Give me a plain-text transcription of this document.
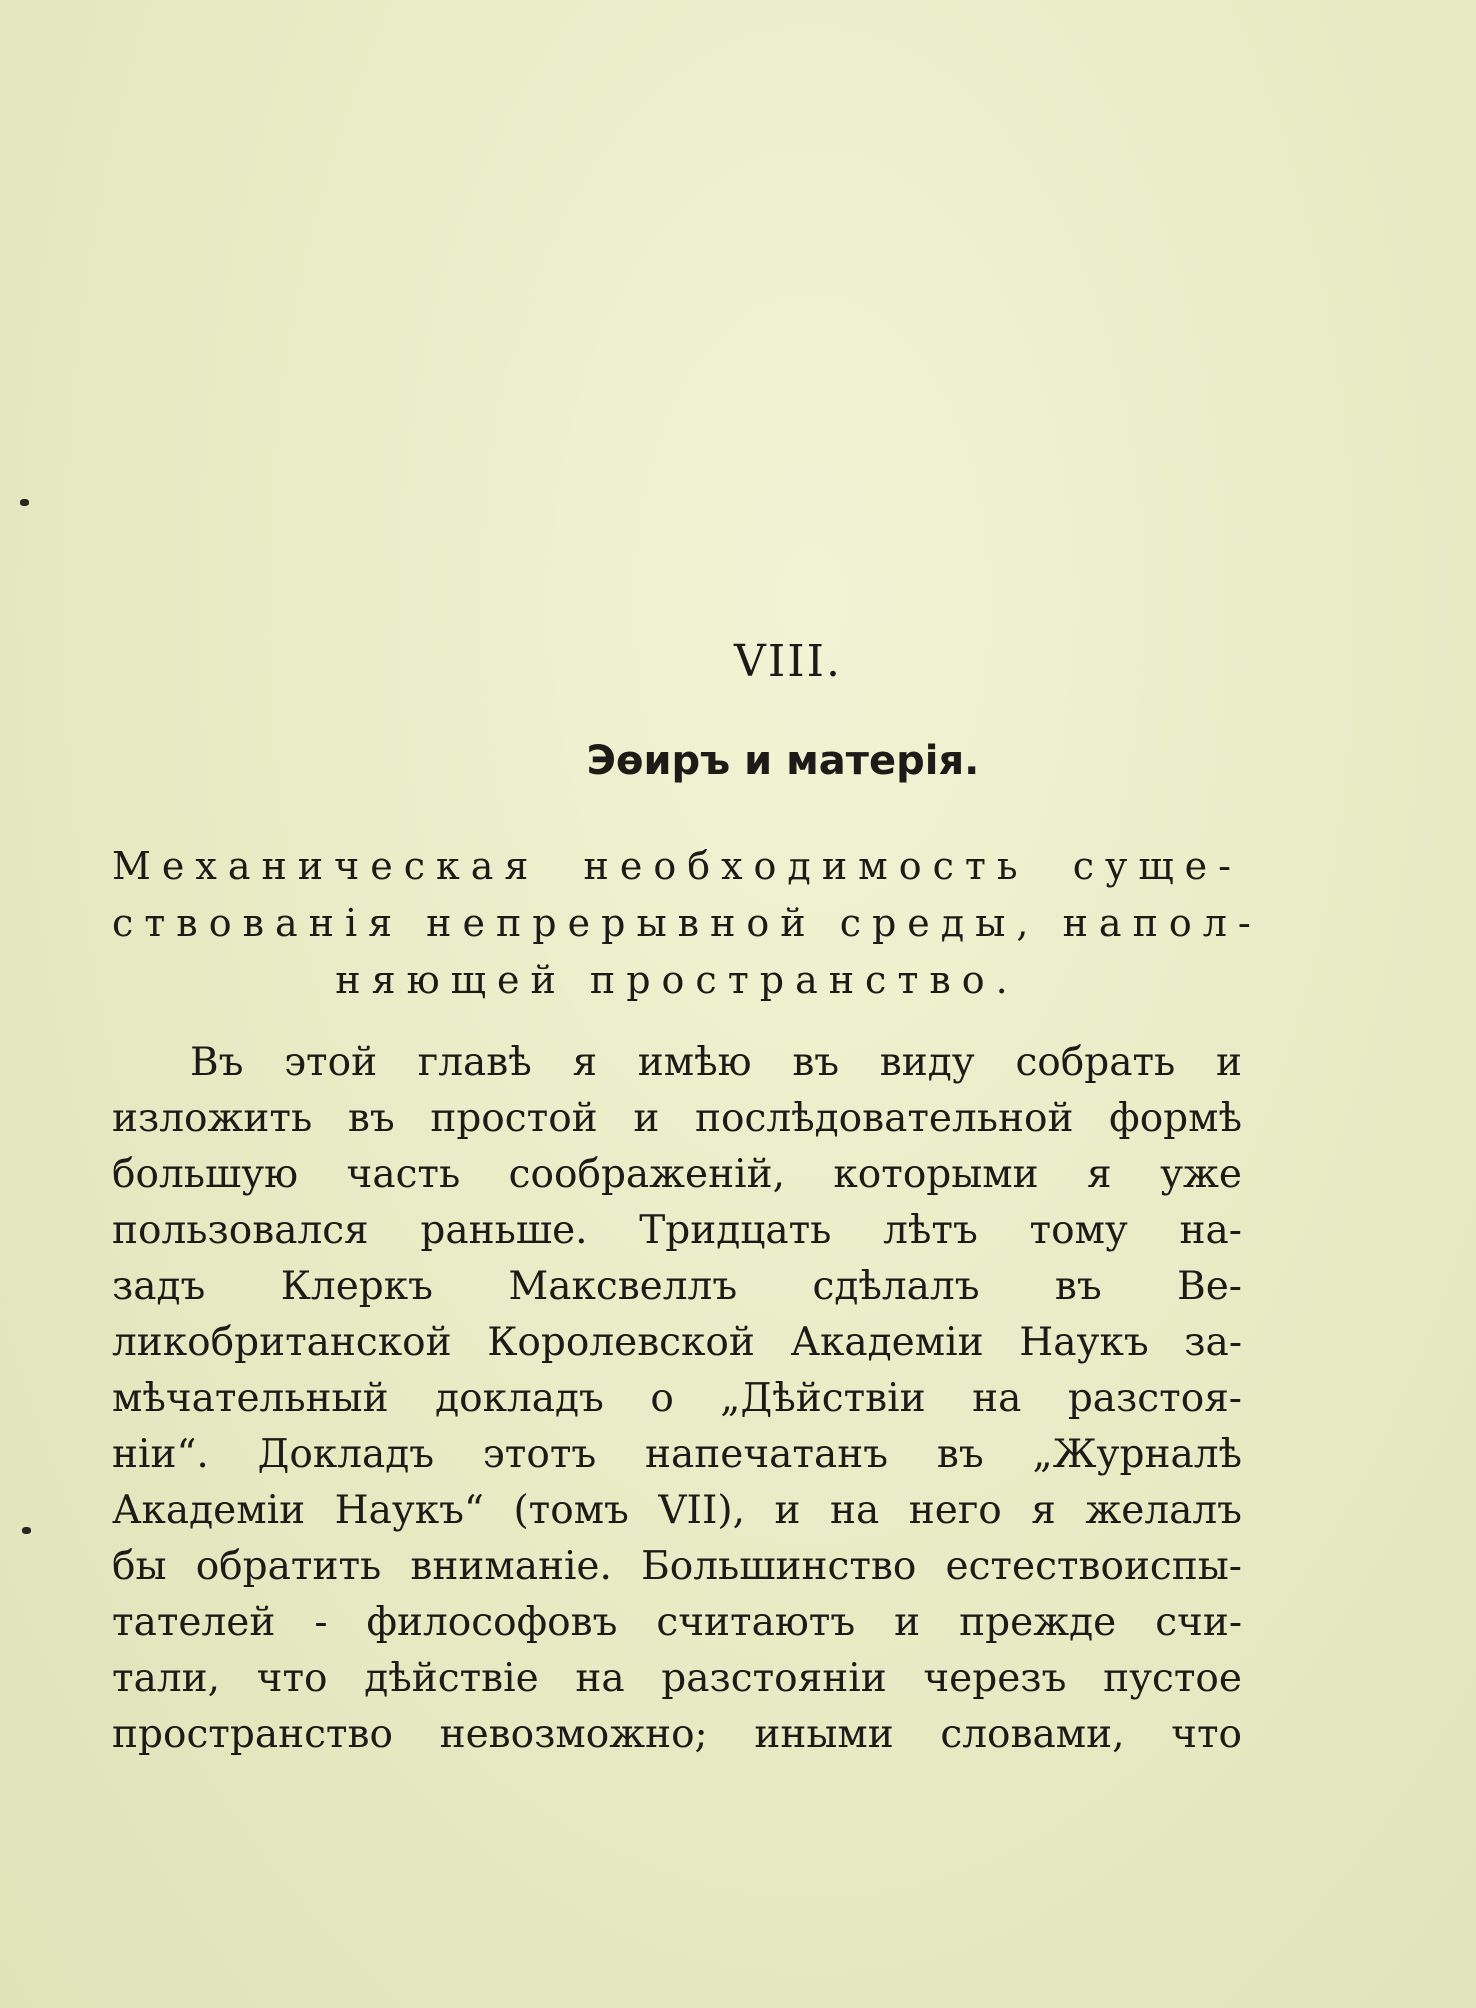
VIII.
Эѳиръ и матерія.
Механическая необходимость суще-
ствованія непрерывной среды, напол-
няющей пространство.
Въ этой главѣ я имѣю въ виду собрать и
изложить въ простой и послѣдовательной формѣ
большую часть соображеній, которыми я уже
пользовался раньше. Тридцать лѣтъ тому на-
задъ Клеркъ Максвеллъ сдѣлалъ въ Ве-
ликобританской Королевской Академіи Наукъ за-
мѣчательный докладъ о „Дѣйствіи на разстоя-
ніи“. Докладъ этотъ напечатанъ въ „Журналѣ
Академіи Наукъ“ (томъ VII), и на него я желалъ
бы обратить вниманіе. Большинство естествоиспы-
тателей - философовъ считаютъ и прежде счи-
тали, что дѣйствіе на разстояніи черезъ пустое
пространство невозможно; иными словами, что
